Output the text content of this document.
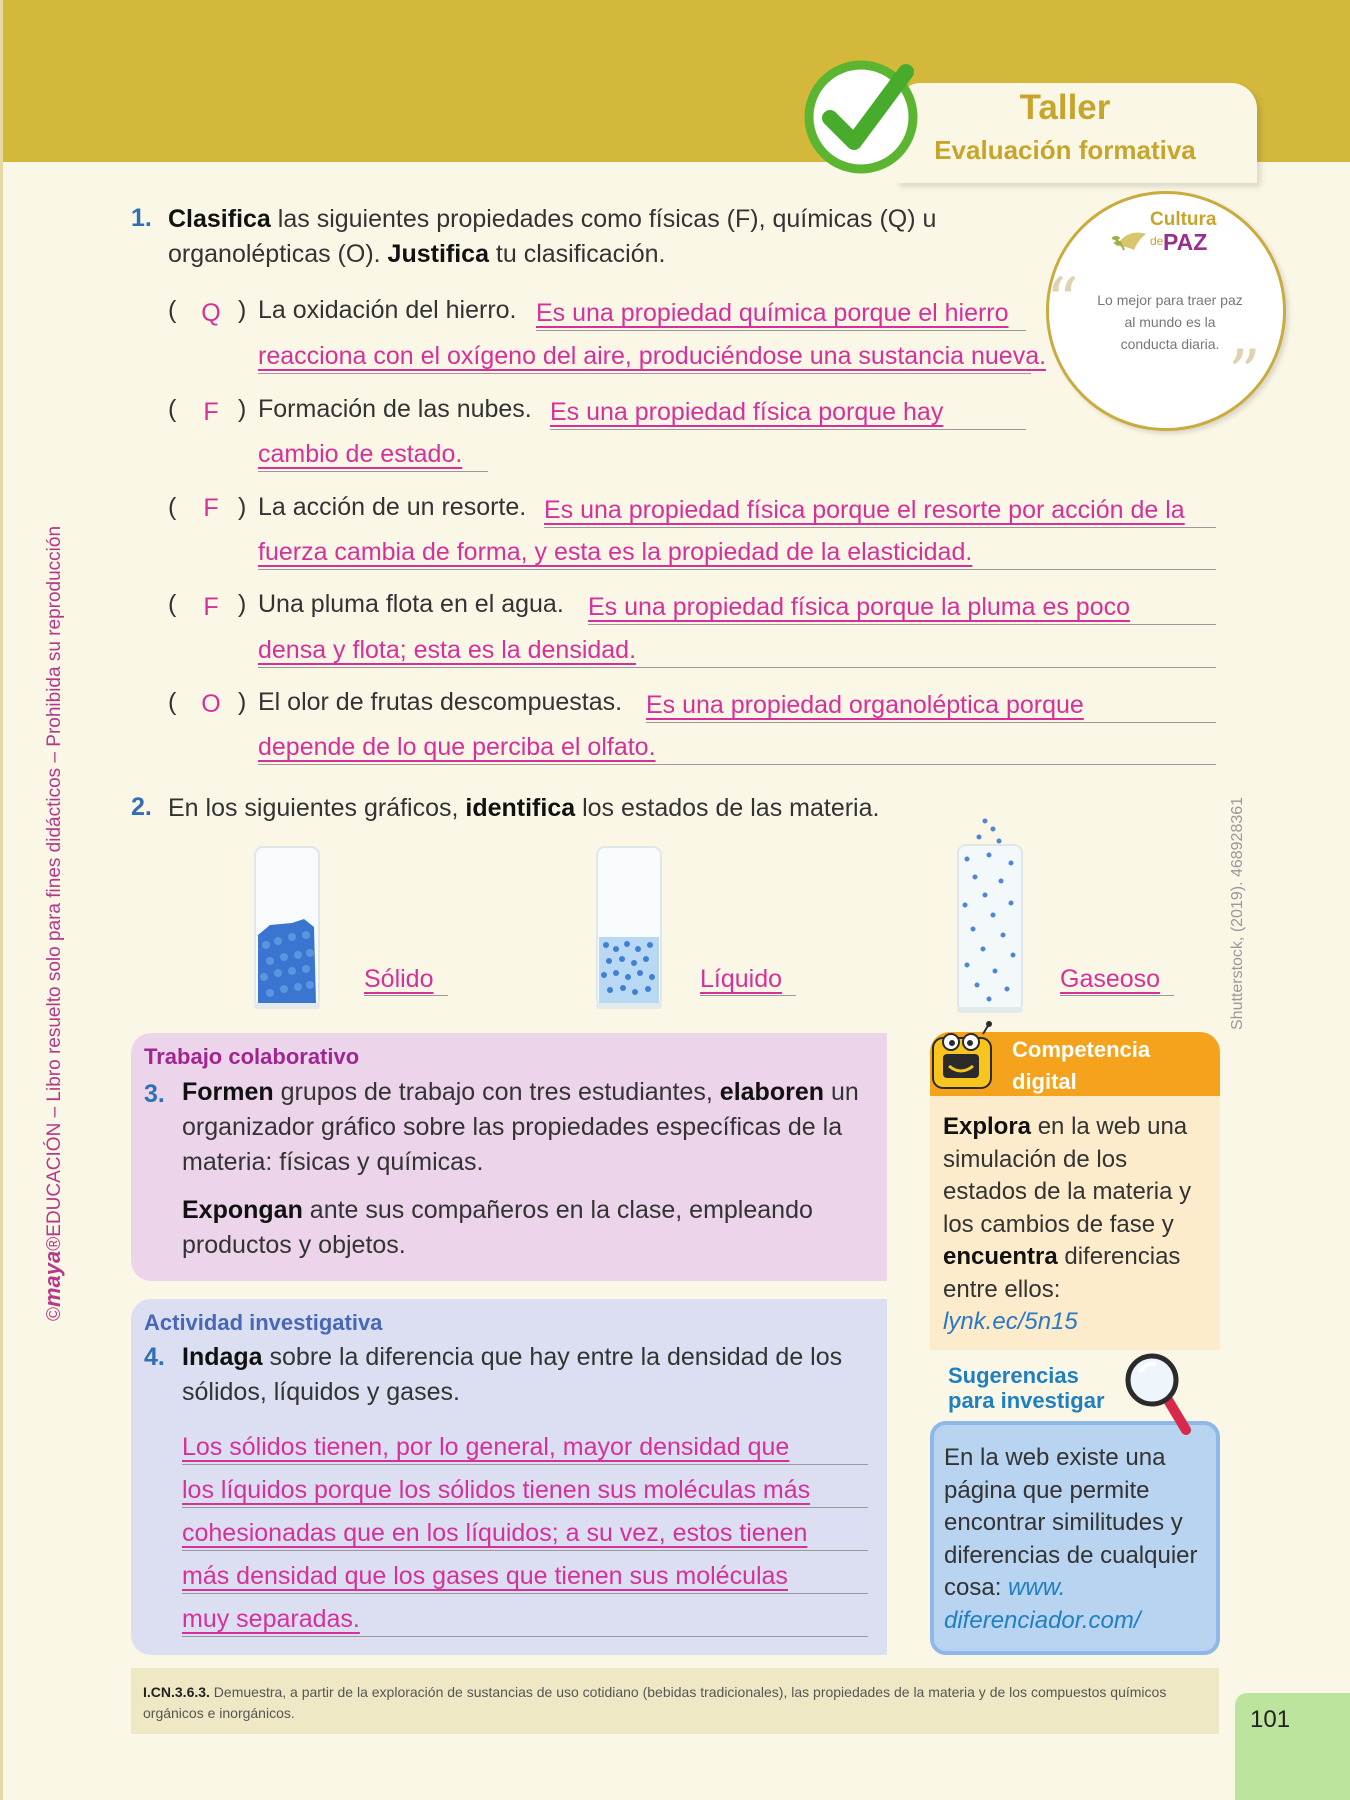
Taller
Evaluación formativa
©maya®EDUCACIÓN – Libro resuelto solo para fines didácticos – Prohibida su reproducción	Shutterstock, (2019). 468928361
Cultura
de PAZ
“
”
Lo mejor para traer paz al mundo es la conducta diaria.
1. Clasifica las siguientes propiedades como físicas (F), químicas (Q) u
organolépticas (O). Justifica tu clasificación.
( Q ) La oxidación del hierro. Es una propiedad química porque el hierro
reacciona con el oxígeno del aire, produciéndose una sustancia nueva.
( F ) Formación de las nubes. Es una propiedad física porque hay
cambio de estado.
( F ) La acción de un resorte. Es una propiedad física porque el resorte por acción de la
fuerza cambia de forma, y esta es la propiedad de la elasticidad.
( F ) Una pluma flota en el agua. Es una propiedad física porque la pluma es poco
densa y flota; esta es la densidad.
( O ) El olor de frutas descompuestas. Es una propiedad organoléptica porque
depende de lo que perciba el olfato.
2. En los siguientes gráficos, identifica los estados de las materia.
Sólido	Líquido	Gaseoso
Trabajo colaborativo
3. Formen grupos de trabajo con tres estudiantes, elaboren un organizador gráfico sobre las propiedades específicas de la materia: físicas y químicas.
Expongan ante sus compañeros en la clase, empleando productos y objetos.
Actividad investigativa
4. Indaga sobre la diferencia que hay entre la densidad de los sólidos, líquidos y gases.
Los sólidos tienen, por lo general, mayor densidad que
los líquidos porque los sólidos tienen sus moléculas más
cohesionadas que en los líquidos; a su vez, estos tienen
más densidad que los gases que tienen sus moléculas
muy separadas.
Competencia
digital
Explora en la web una simulación de los estados de la materia y los cambios de fase y encuentra diferencias entre ellos:
lynk.ec/5n15
Sugerencias
para investigar
En la web existe una página que permite encontrar similitudes y diferencias de cualquier cosa: www. diferenciador.com/
I.CN.3.6.3. Demuestra, a partir de la exploración de sustancias de uso cotidiano (bebidas tradicionales), las propiedades de la materia y de los compuestos químicos orgánicos e inorgánicos.	101
